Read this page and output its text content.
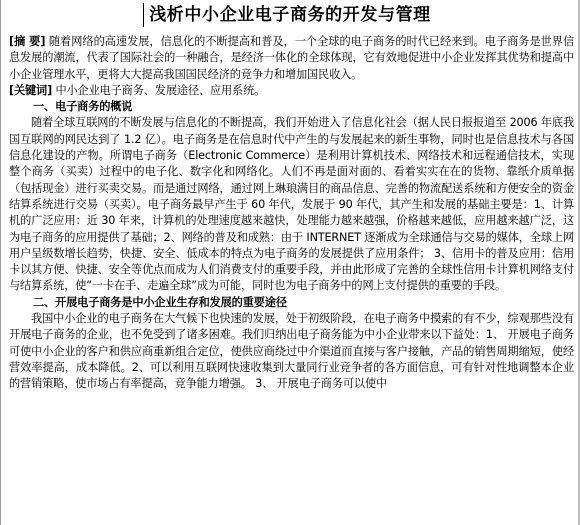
浅析中小企业电子商务的开发与管理

[摘 要] 随着网络的高速发展，信息化的不断提高和普及，一个全球的电子商务的时代已经来到。电子商务是世界信息发展的潮流，代表了国际社会的一种融合，是经济一体化的全球体现，它有效地促进中小企业发挥其优势和提高中小企业管理水平，更将大大提高我国国民经济的竞争力和增加国民收入。

[关键词] 中小企业电子商务、发展途径、应用系统。

一、电子商务的概说

随着全球互联网的不断发展与信息化的不断提高，我们开始进入了信息化社会（据人民日报报道至 2006 年底我国互联网的网民达到了 1.2 亿）。电子商务是在信息时代中产生的与发展起来的新生事物，同时也是信息技术与各国信息化建设的产物。所谓电子商务（Electronic Commerce）是利用计算机技术、网络技术和远程通信技术，实现整个商务（买卖）过程中的电子化、数字化和网络化。人们不再是面对面的、看着实实在在的货物、靠纸介质单据（包括现金）进行买卖交易。而是通过网络，通过网上琳琅满目的商品信息、完善的物流配送系统和方便安全的资金结算系统进行交易（买卖）。电子商务最早产生于 60 年代，发展于 90 年代，其产生和发展的基础主要是：1、计算机的广泛应用：近 30 年来，计算机的处理速度越来越快，处理能力越来越强，价格越来越低，应用越来越广泛，这为电子商务的应用提供了基础；2、网络的普及和成熟：由于 INTERNET 逐渐成为全球通信与交易的媒体，全球上网用户呈级数增长趋势，快捷、安全、低成本的特点为电子商务的发展提供了应用条件； 3、信用卡的普及应用：信用卡以其方便、快捷、安全等优点而成为人们消费支付的重要手段，并由此形成了完善的全球性信用卡计算机网络支付与结算系统，使“一卡在手、走遍全球”成为可能，同时也为电子商务中的网上支付提供的重要的手段。

二、开展电子商务是中小企业生存和发展的重要途径

我国中小企业的电子商务在大气候下也快速的发展，处于初级阶段，在电子商务中摸索的有不少，综观那些没有开展电子商务的企业，也不免受到了诸多困难。我们归纳出电子商务能为中小企业带来以下益处：1、 开展电子商务可使中小企业的客户和供应商重新组合定位，使供应商绕过中介渠道而直接与客户接触，产品的销售周期缩短，使经营效率提高，成本降低。2、可以利用互联网快速收集到大量同行业竞争者的各方面信息，可有针对性地调整本企业的营销策略，使市场占有率提高，竞争能力增强。 3、 开展电子商务可以使中
